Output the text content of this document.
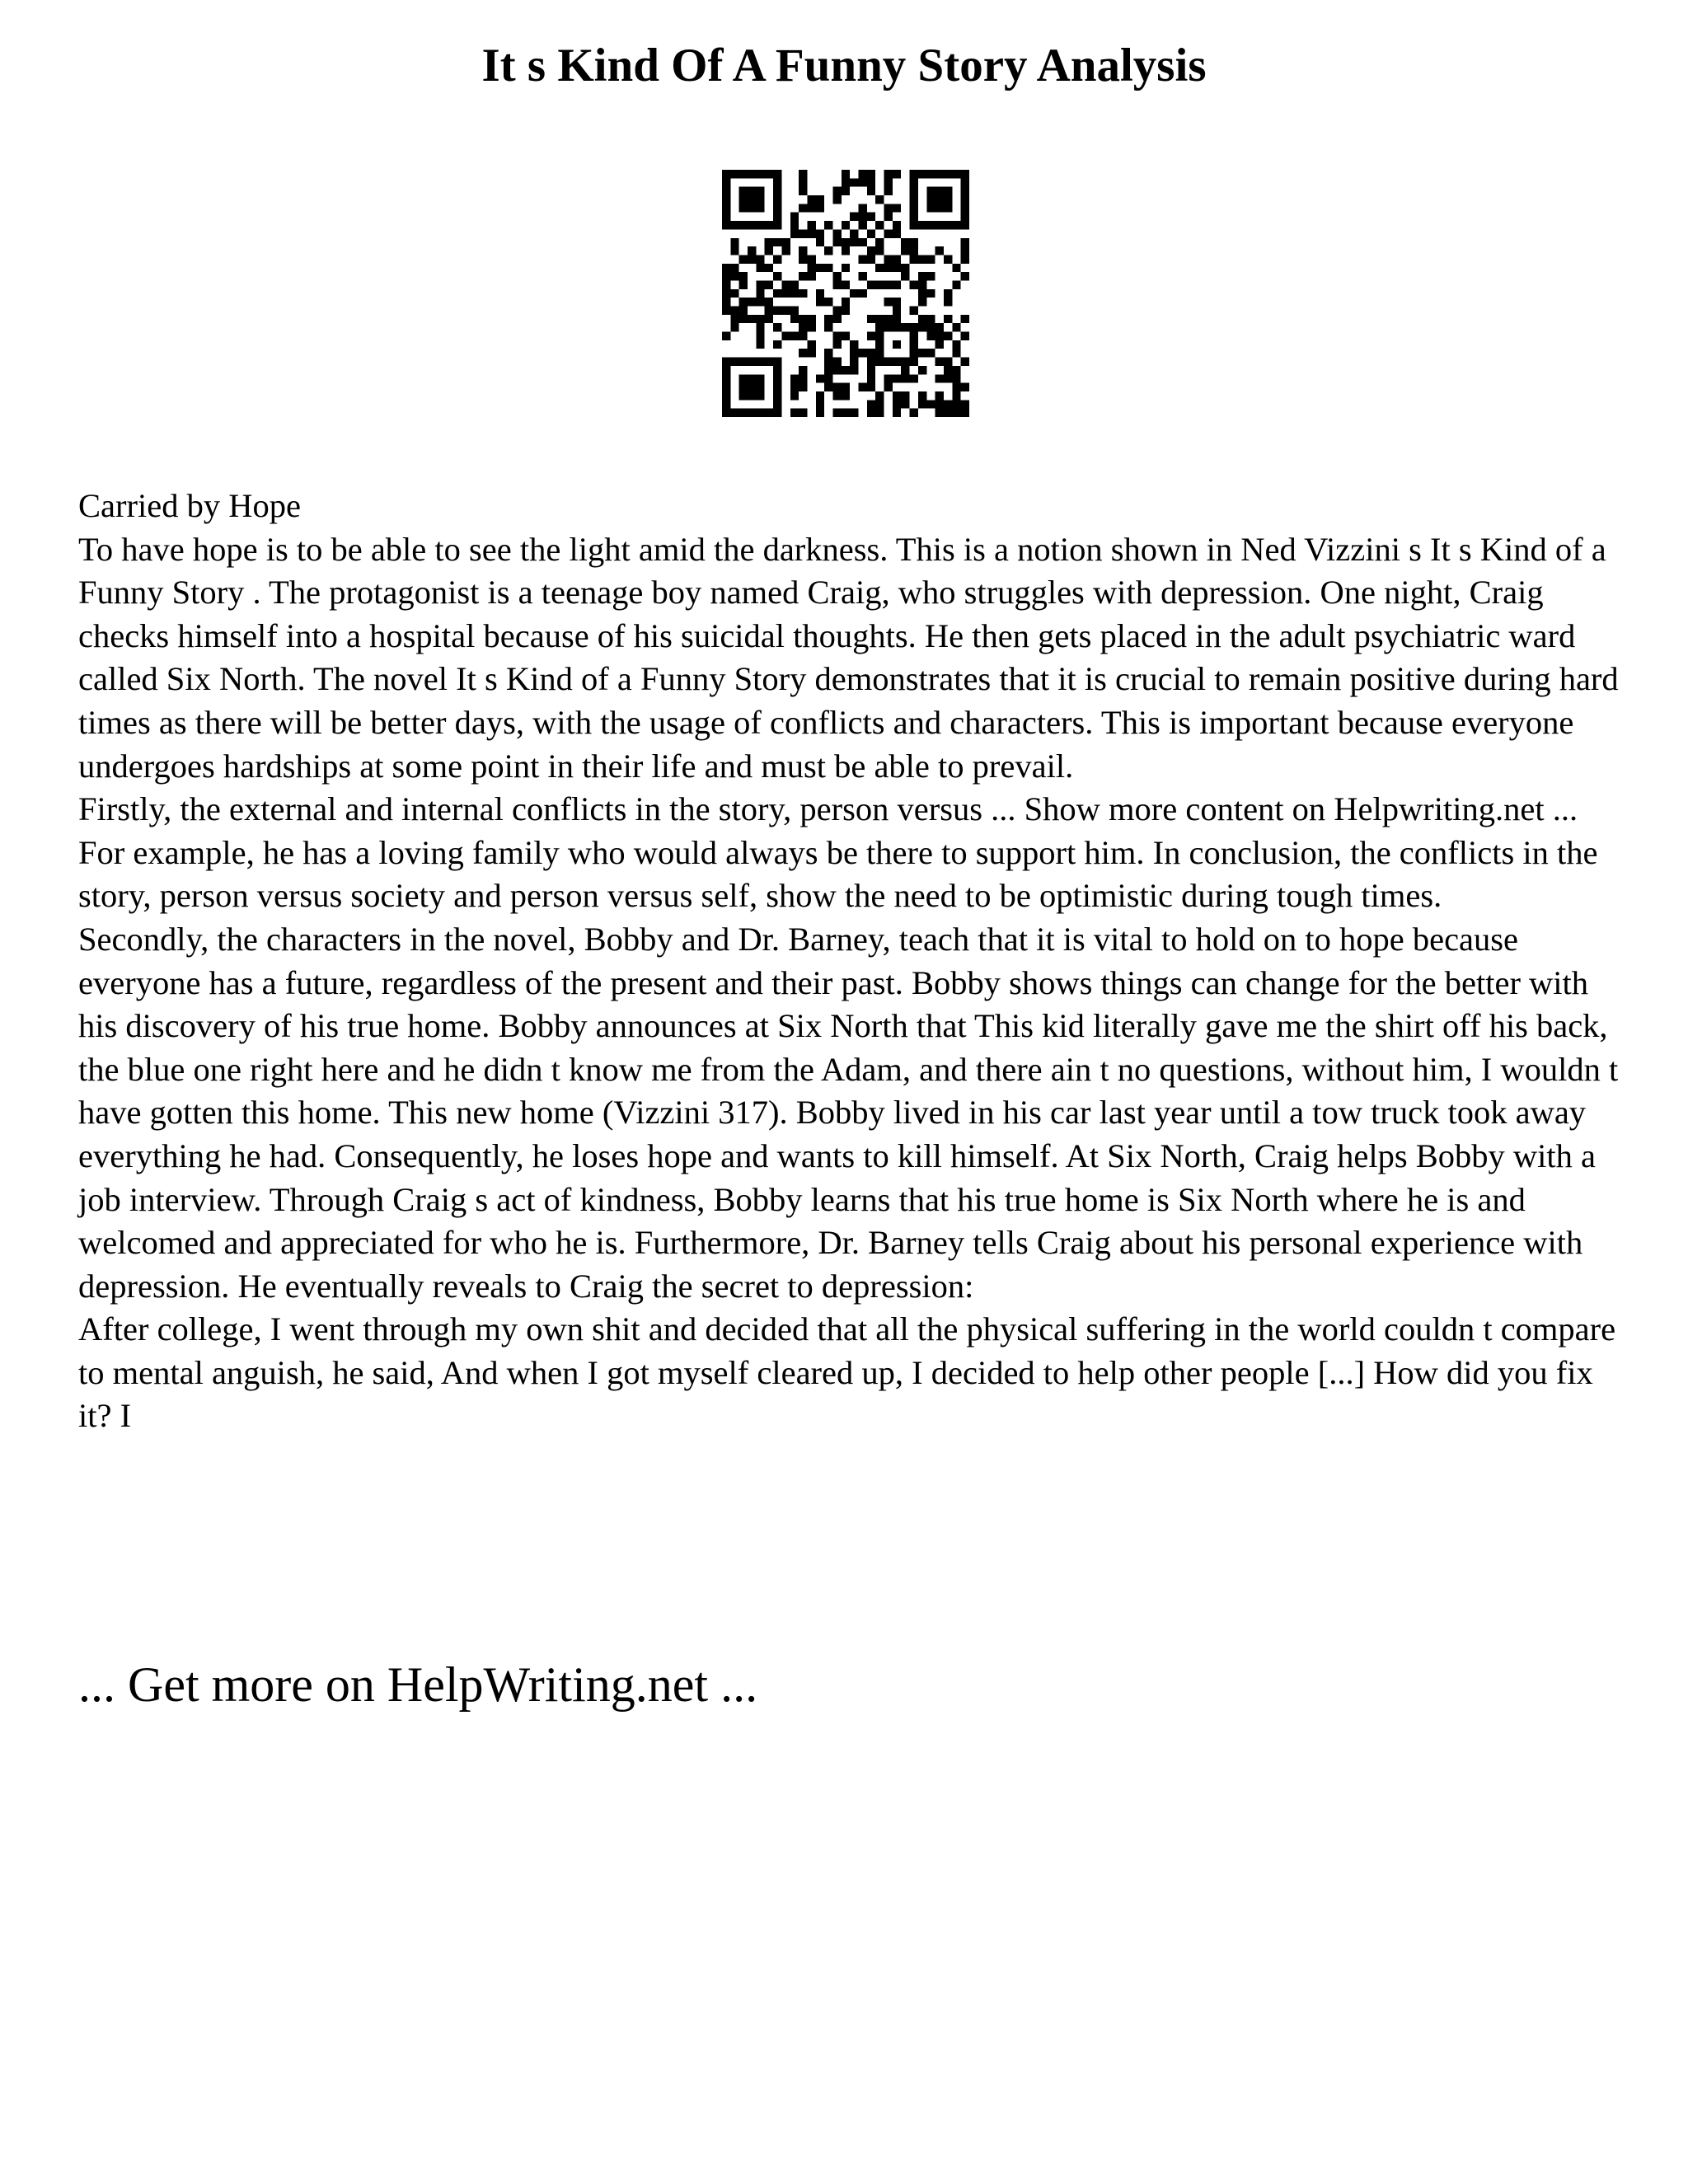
It s Kind Of A Funny Story Analysis

Carried by Hope

To have hope is to be able to see the light amid the darkness. This is a notion shown in Ned Vizzini s It s Kind of a Funny Story . The protagonist is a teenage boy named Craig, who struggles with depression. One night, Craig checks himself into a hospital because of his suicidal thoughts. He then gets placed in the adult psychiatric ward called Six North. The novel It s Kind of a Funny Story demonstrates that it is crucial to remain positive during hard times as there will be better days, with the usage of conflicts and characters. This is important because everyone undergoes hardships at some point in their life and must be able to prevail.

Firstly, the external and internal conflicts in the story, person versus ... Show more content on Helpwriting.net ...

For example, he has a loving family who would always be there to support him. In conclusion, the conflicts in the story, person versus society and person versus self, show the need to be optimistic during tough times.

Secondly, the characters in the novel, Bobby and Dr. Barney, teach that it is vital to hold on to hope because everyone has a future, regardless of the present and their past. Bobby shows things can change for the better with his discovery of his true home. Bobby announces at Six North that This kid literally gave me the shirt off his back, the blue one right here and he didn t know me from the Adam, and there ain t no questions, without him, I wouldn t have gotten this home. This new home (Vizzini 317). Bobby lived in his car last year until a tow truck took away everything he had. Consequently, he loses hope and wants to kill himself. At Six North, Craig helps Bobby with a job interview. Through Craig s act of kindness, Bobby learns that his true home is Six North where he is and welcomed and appreciated for who he is. Furthermore, Dr. Barney tells Craig about his personal experience with depression. He eventually reveals to Craig the secret to depression:

After college, I went through my own shit and decided that all the physical suffering in the world couldn t compare to mental anguish, he said, And when I got myself cleared up, I decided to help other people [...] How did you fix it? I

... Get more on HelpWriting.net ...
